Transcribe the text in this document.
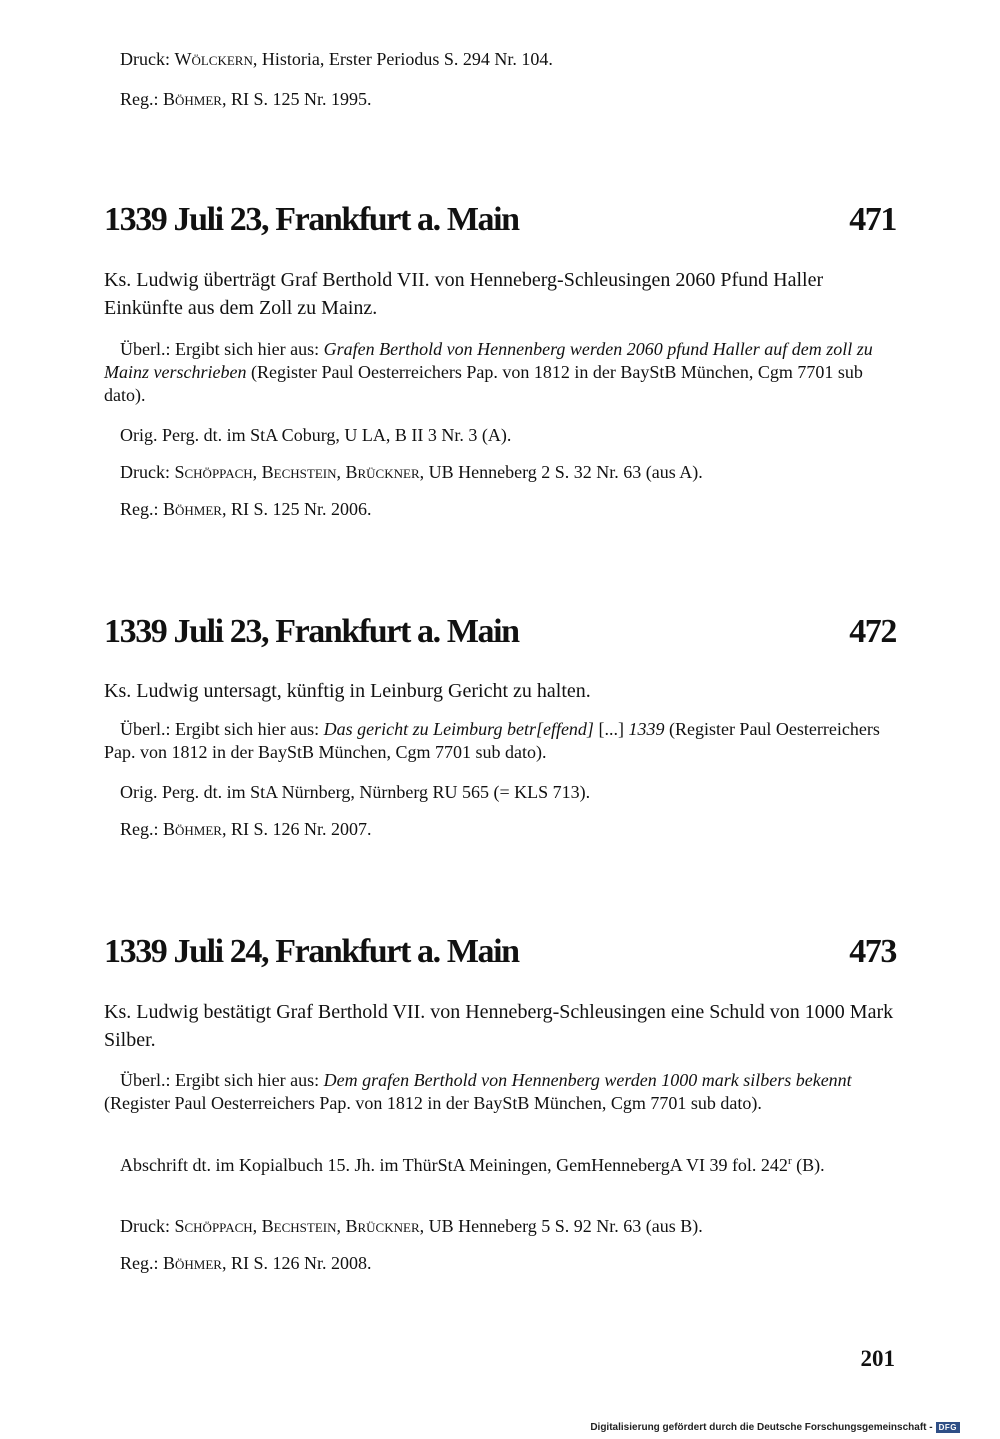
Druck: Wölckern, Historia, Erster Periodus S. 294 Nr. 104.

Reg.: Böhmer, RI S. 125 Nr. 1995.

1339 Juli 23, Frankfurt a. Main	471

Ks. Ludwig überträgt Graf Berthold VII. von Henneberg-Schleusingen 2060 Pfund Haller Einkünfte aus dem Zoll zu Mainz.

Überl.: Ergibt sich hier aus: Grafen Berthold von Hennenberg werden 2060 pfund Haller auf dem zoll zu Mainz verschrieben (Register Paul Oesterreichers Pap. von 1812 in der BayStB München, Cgm 7701 sub dato).

Orig. Perg. dt. im StA Coburg, U LA, B II 3 Nr. 3 (A).

Druck: Schöppach, Bechstein, Brückner, UB Henneberg 2 S. 32 Nr. 63 (aus A).

Reg.: Böhmer, RI S. 125 Nr. 2006.

1339 Juli 23, Frankfurt a. Main	472

Ks. Ludwig untersagt, künftig in Leinburg Gericht zu halten.

Überl.: Ergibt sich hier aus: Das gericht zu Leimburg betr[effend] [...] 1339 (Register Paul Oesterreichers Pap. von 1812 in der BayStB München, Cgm 7701 sub dato).

Orig. Perg. dt. im StA Nürnberg, Nürnberg RU 565 (= KLS 713).

Reg.: Böhmer, RI S. 126 Nr. 2007.

1339 Juli 24, Frankfurt a. Main	473

Ks. Ludwig bestätigt Graf Berthold VII. von Henneberg-Schleusingen eine Schuld von 1000 Mark Silber.

Überl.: Ergibt sich hier aus: Dem grafen Berthold von Hennenberg werden 1000 mark silbers bekennt (Register Paul Oesterreichers Pap. von 1812 in der BayStB München, Cgm 7701 sub dato).

Abschrift dt. im Kopialbuch 15. Jh. im ThürStA Meiningen, GemHennebergA VI 39 fol. 242$^r$ (B).

Druck: Schöppach, Bechstein, Brückner, UB Henneberg 5 S. 92 Nr. 63 (aus B).

Reg.: Böhmer, RI S. 126 Nr. 2008.

201
Digitalisierung gefördert durch die Deutsche Forschungsgemeinschaft - DFG
